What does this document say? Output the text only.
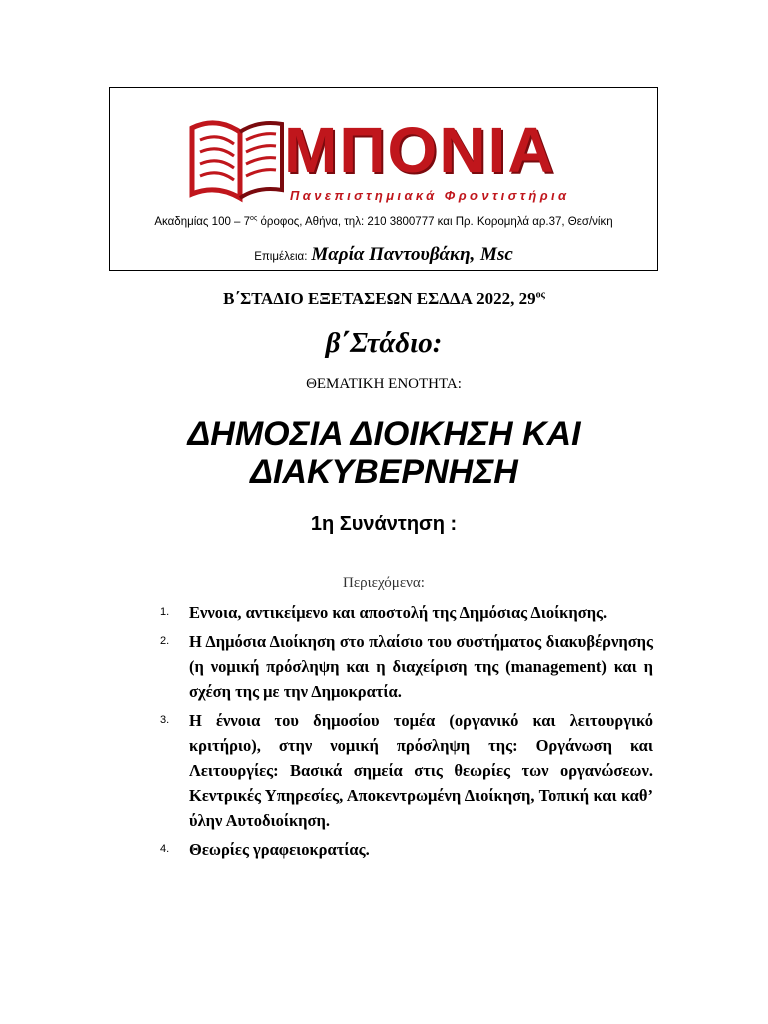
ΜΠΟΝΙΑ
Πανεπιστημιακά Φροντιστήρια
Ακαδημίας $100 - 7^{o\varsigma}$ όροφος, Αθήνα, τηλ: 210 3800777 και Πρ. Κορομηλά αρ.37, Θεσ/νίκη
Επιμέλεια: Μαρία Παντουβάκη, Msc
Β΄ΣΤΑΔΙΟ ΕΞΕΤΑΣΕΩΝ ΕΣΔΔΑ 2022, $29^{o\varsigma}$
β΄Στάδιο:
ΘΕΜΑΤΙΚΗ ΕΝΟΤΗΤΑ:
ΔΗΜΟΣΙΑ ΔΙΟΙΚΗΣΗ ΚΑΙ
ΔΙΑΚΥΒΕΡΝΗΣΗ
1η Συνάντηση :
Περιεχόμενα:
1. Εννοια, αντικείμενο και αποστολή της Δημόσιας Διοίκησης.
2. Η Δημόσια Διοίκηση στο πλαίσιο του συστήματος διακυβέρνησης (η νομική πρόσληψη και η διαχείριση της (management) και η σχέση της με την Δημοκρατία.
3. Η έννοια του δημοσίου τομέα (οργανικό και λειτουργικό κριτήριο), στην νομική πρόσληψη της: Οργάνωση και Λειτουργίες: Βασικά σημεία στις θεωρίες των οργανώσεων. Κεντρικές Υπηρεσίες, Αποκεντρωμένη Διοίκηση, Τοπική και καθ’ ύλην Αυτοδιοίκηση.
4. Θεωρίες γραφειοκρατίας.
